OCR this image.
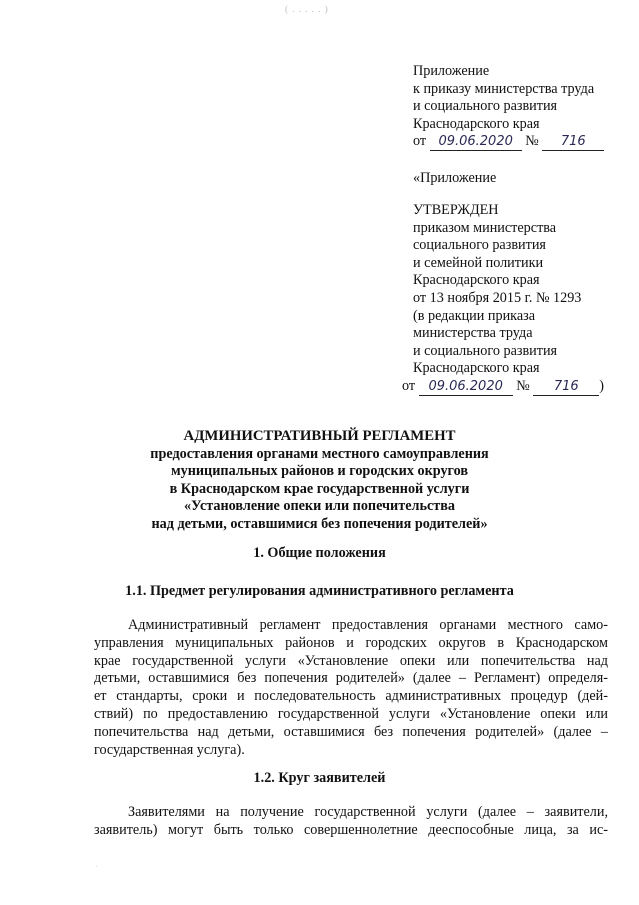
( . . . . . )
Приложение
к приказу министерства труда
и социального развития
Краснодарского края
от 09.06.2020 № 716
«Приложение
УТВЕРЖДЕН
приказом министерства
социального развития
и семейной политики
Краснодарского края
от 13 ноября 2015 г. № 1293
(в редакции приказа
министерства труда
и социального развития
Краснодарского края
от 09.06.2020 № 716 )
АДМИНИСТРАТИВНЫЙ РЕГЛАМЕНТ
предоставления органами местного самоуправления
муниципальных районов и городских округов
в Краснодарском крае государственной услуги
«Установление опеки или попечительства
над детьми, оставшимися без попечения родителей»
1. Общие положения
1.1. Предмет регулирования административного регламента
Административный регламент предоставления органами местного само-
управления муниципальных районов и городских округов в Краснодарском
крае государственной услуги «Установление опеки или попечительства над
детьми, оставшимися без попечения родителей» (далее – Регламент) определя-
ет стандарты, сроки и последовательность административных процедур (дей-
ствий) по предоставлению государственной услуги «Установление опеки или
попечительства над детьми, оставшимися без попечения родителей» (далее –
государственная услуга).
1.2. Круг заявителей
Заявителями на получение государственной услуги (далее – заявители,
заявитель) могут быть только совершеннолетние дееспособные лица, за ис-
·
